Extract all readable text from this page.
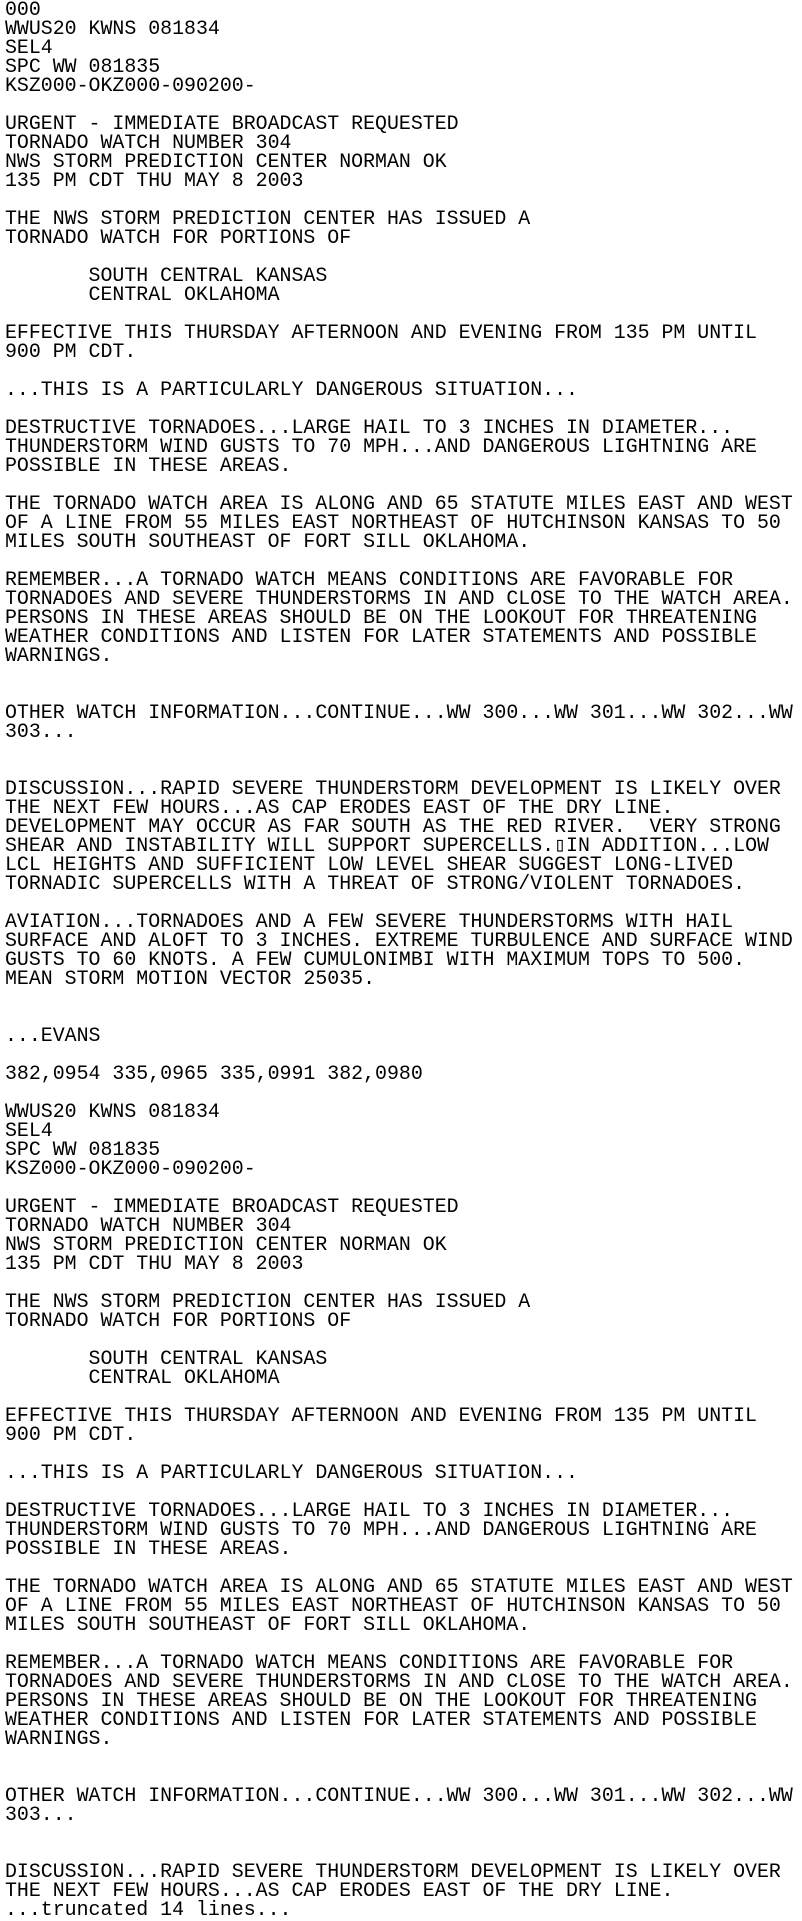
000
WWUS20 KWNS 081834
SEL4
SPC WW 081835
KSZ000-OKZ000-090200-
URGENT - IMMEDIATE BROADCAST REQUESTED
TORNADO WATCH NUMBER 304
NWS STORM PREDICTION CENTER NORMAN OK
135 PM CDT THU MAY 8 2003
THE NWS STORM PREDICTION CENTER HAS ISSUED A
TORNADO WATCH FOR PORTIONS OF
SOUTH CENTRAL KANSAS
CENTRAL OKLAHOMA
EFFECTIVE THIS THURSDAY AFTERNOON AND EVENING FROM 135 PM UNTIL
900 PM CDT.
...THIS IS A PARTICULARLY DANGEROUS SITUATION...
DESTRUCTIVE TORNADOES...LARGE HAIL TO 3 INCHES IN DIAMETER...
THUNDERSTORM WIND GUSTS TO 70 MPH...AND DANGEROUS LIGHTNING ARE
POSSIBLE IN THESE AREAS.
THE TORNADO WATCH AREA IS ALONG AND 65 STATUTE MILES EAST AND WEST
OF A LINE FROM 55 MILES EAST NORTHEAST OF HUTCHINSON KANSAS TO 50
MILES SOUTH SOUTHEAST OF FORT SILL OKLAHOMA.
REMEMBER...A TORNADO WATCH MEANS CONDITIONS ARE FAVORABLE FOR
TORNADOES AND SEVERE THUNDERSTORMS IN AND CLOSE TO THE WATCH AREA.
PERSONS IN THESE AREAS SHOULD BE ON THE LOOKOUT FOR THREATENING
WEATHER CONDITIONS AND LISTEN FOR LATER STATEMENTS AND POSSIBLE
WARNINGS.
OTHER WATCH INFORMATION...CONTINUE...WW 300...WW 301...WW 302...WW
303...
DISCUSSION...RAPID SEVERE THUNDERSTORM DEVELOPMENT IS LIKELY OVER
THE NEXT FEW HOURS...AS CAP ERODES EAST OF THE DRY LINE.
DEVELOPMENT MAY OCCUR AS FAR SOUTH AS THE RED RIVER.  VERY STRONG
SHEAR AND INSTABILITY WILL SUPPORT SUPERCELLS.▯IN ADDITION...LOW
LCL HEIGHTS AND SUFFICIENT LOW LEVEL SHEAR SUGGEST LONG-LIVED
TORNADIC SUPERCELLS WITH A THREAT OF STRONG/VIOLENT TORNADOES.
AVIATION...TORNADOES AND A FEW SEVERE THUNDERSTORMS WITH HAIL
SURFACE AND ALOFT TO 3 INCHES. EXTREME TURBULENCE AND SURFACE WIND
GUSTS TO 60 KNOTS. A FEW CUMULONIMBI WITH MAXIMUM TOPS TO 500.
MEAN STORM MOTION VECTOR 25035.
...EVANS
382,0954 335,0965 335,0991 382,0980
WWUS20 KWNS 081834
SEL4
SPC WW 081835
KSZ000-OKZ000-090200-
URGENT - IMMEDIATE BROADCAST REQUESTED
TORNADO WATCH NUMBER 304
NWS STORM PREDICTION CENTER NORMAN OK
135 PM CDT THU MAY 8 2003
THE NWS STORM PREDICTION CENTER HAS ISSUED A
TORNADO WATCH FOR PORTIONS OF
SOUTH CENTRAL KANSAS
CENTRAL OKLAHOMA
EFFECTIVE THIS THURSDAY AFTERNOON AND EVENING FROM 135 PM UNTIL
900 PM CDT.
...THIS IS A PARTICULARLY DANGEROUS SITUATION...
DESTRUCTIVE TORNADOES...LARGE HAIL TO 3 INCHES IN DIAMETER...
THUNDERSTORM WIND GUSTS TO 70 MPH...AND DANGEROUS LIGHTNING ARE
POSSIBLE IN THESE AREAS.
THE TORNADO WATCH AREA IS ALONG AND 65 STATUTE MILES EAST AND WEST
OF A LINE FROM 55 MILES EAST NORTHEAST OF HUTCHINSON KANSAS TO 50
MILES SOUTH SOUTHEAST OF FORT SILL OKLAHOMA.
REMEMBER...A TORNADO WATCH MEANS CONDITIONS ARE FAVORABLE FOR
TORNADOES AND SEVERE THUNDERSTORMS IN AND CLOSE TO THE WATCH AREA.
PERSONS IN THESE AREAS SHOULD BE ON THE LOOKOUT FOR THREATENING
WEATHER CONDITIONS AND LISTEN FOR LATER STATEMENTS AND POSSIBLE
WARNINGS.
OTHER WATCH INFORMATION...CONTINUE...WW 300...WW 301...WW 302...WW
303...
DISCUSSION...RAPID SEVERE THUNDERSTORM DEVELOPMENT IS LIKELY OVER
THE NEXT FEW HOURS...AS CAP ERODES EAST OF THE DRY LINE.
...truncated 14 lines...
